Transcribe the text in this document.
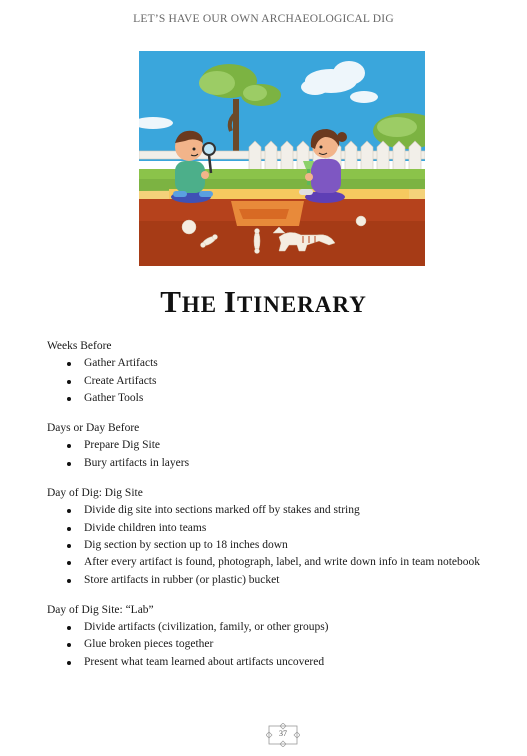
LET’S HAVE OUR OWN ARCHAEOLOGICAL DIG
THE ITINERARY

Weeks Before

Gather Artifacts
Create Artifacts
Gather Tools

Days or Day Before

Prepare Dig Site
Bury artifacts in layers

Day of Dig: Dig Site

Divide dig site into sections marked off by stakes and string
Divide children into teams
Dig section by section up to 18 inches down
After every artifact is found, photograph, label, and write down info in team notebook
Store artifacts in rubber (or plastic) bucket

Day of Dig Site: “Lab”

Divide artifacts (civilization, family, or other groups)
Glue broken pieces together
Present what team learned about artifacts uncovered
37
